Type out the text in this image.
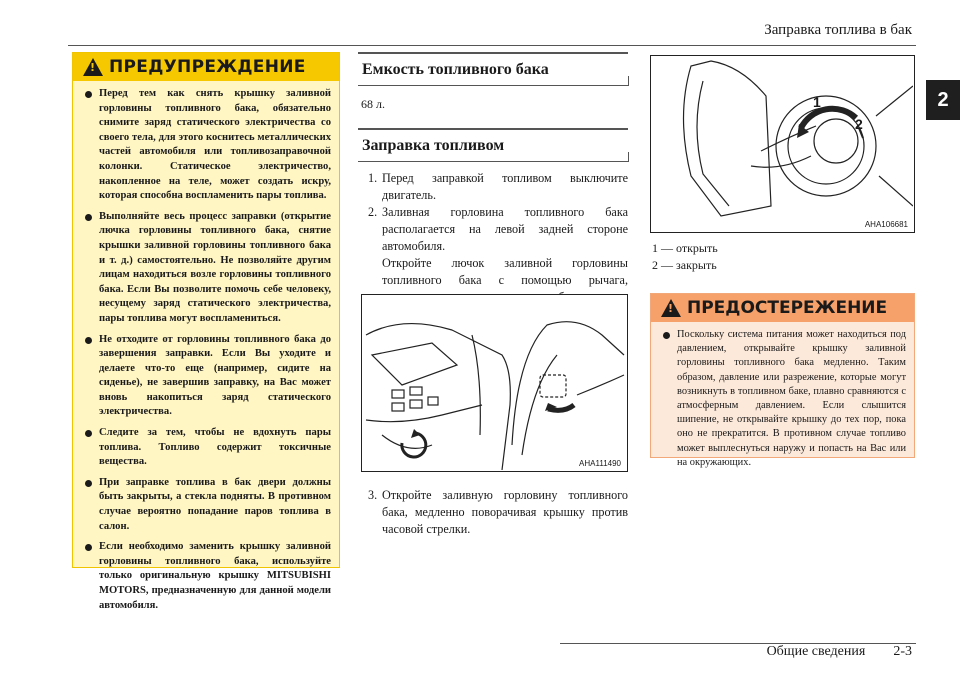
Заправка топлива в бак
2
!
ПРЕДУПРЕЖДЕНИЕ
Перед тем как снять крышку заливной горловины топливного бака, обязательно снимите заряд статического электричества со своего тела, для этого коснитесь металлических частей автомобиля или топливозаправочной колонки. Статическое электричество, накопленное на теле, может создать искру, которая способна воспламенить пары топлива.
Выполняйте весь процесс заправки (открытие лючка горловины топливного бака, снятие крышки заливной горловины топливного бака и т. д.) самостоятельно. Не позволяйте другим лицам находиться возле горловины топливного бака. Если Вы позволите помочь себе человеку, несущему заряд статического электричества, пары топлива могут воспламениться.
Не отходите от горловины топливного бака до завершения заправки. Если Вы уходите и делаете что-то еще (например, сидите на сиденье), не завершив заправку, на Вас может вновь накопиться заряд статического электричества.
Следите за тем, чтобы не вдохнуть пары топлива. Топливо содержит токсичные вещества.
При заправке топлива в бак двери должны быть закрыты, а стекла подняты. В противном случае вероятно попадание паров топлива в салон.
Если необходимо заменить крышку заливной горловины топливного бака, используйте только оригинальную крышку MITSUBISHI MOTORS, предназначенную для данной модели автомобиля.
Емкость топливного бака
68 л.
Заправка топливом
1. Перед заправкой топливом выключите двигатель.
2. Заливная горловина топливного бака располагается на левой задней стороне автомобиля.
Откройте лючок заливной горловины топливного бака с помощью рычага,
AHA111490
3. Откройте заливную горловину топливного бака, медленно поворачивая крышку против часовой стрелки.
1
2
AHA106681
1 — открыть
2 — закрыть
!
ПРЕДОСТЕРЕЖЕНИЕ
Поскольку система питания может находиться под давлением, открывайте крышку заливной горловины топливного бака медленно. Таким образом, давление или разрежение, которые могут возникнуть в топливном баке, плавно сравняются с атмосферным давлением. Если слышится шипение, не открывайте крышку до тех пор, пока оно не прекратится. В противном случае топливо может выплеснуться наружу и попасть на Вас или на окружающих.
Общие сведения 2-3
